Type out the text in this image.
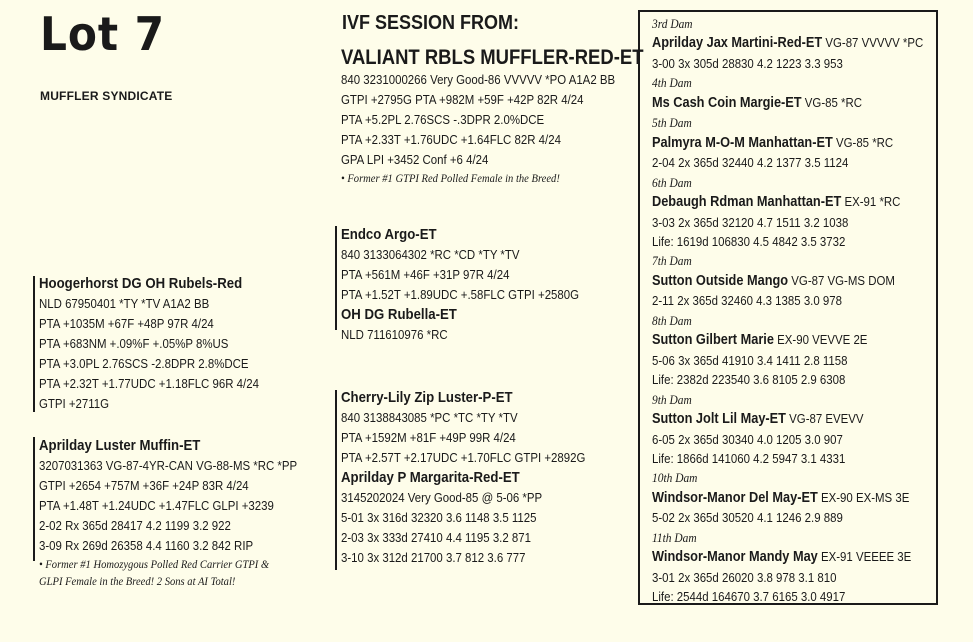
Lot 7
MUFFLER SYNDICATE
IVF SESSION FROM:
VALIANT RBLS MUFFLER-RED-ET
840 3231000266 Very Good-86 VVVVV *PO A1A2 BB
GTPI +2795G PTA +982M +59F +42P 82R 4/24
PTA +5.2PL 2.76SCS -.3DPR 2.0%DCE
PTA +2.33T +1.76UDC +1.64FLC 82R 4/24
GPA LPI +3452 Conf +6 4/24
• Former #1 GTPI Red Polled Female in the Breed!
Endco Argo-ET
840 3133064302 *RC *CD *TY *TV
PTA +561M +46F +31P 97R 4/24
PTA +1.52T +1.89UDC +.58FLC GTPI +2580G
OH DG Rubella-ET
NLD 711610976 *RC
Cherry-Lily Zip Luster-P-ET
840 3138843085 *PC *TC *TY *TV
PTA +1592M +81F +49P 99R 4/24
PTA +2.57T +2.17UDC +1.70FLC GTPI +2892G
Aprilday P Margarita-Red-ET
3145202024 Very Good-85 @ 5-06 *PP
5-01 3x 316d 32320 3.6 1148 3.5 1125
2-03 3x 333d 27410 4.4 1195 3.2 871
3-10 3x 312d 21700 3.7 812 3.6 777
Hoogerhorst DG OH Rubels-Red
NLD 67950401 *TY *TV A1A2 BB
PTA +1035M +67F +48P 97R 4/24
PTA +683NM +.09%F +.05%P 8%US
PTA +3.0PL 2.76SCS -2.8DPR 2.8%DCE
PTA +2.32T +1.77UDC +1.18FLC 96R 4/24
GTPI +2711G
Aprilday Luster Muffin-ET
3207031363 VG-87-4YR-CAN VG-88-MS *RC *PP
GTPI +2654 +757M +36F +24P 83R 4/24
PTA +1.48T +1.24UDC +1.47FLC GLPI +3239
2-02 Rx 365d 28417 4.2 1199 3.2 922
3-09 Rx 269d 26358 4.4 1160 3.2 842 RIP
• Former #1 Homozygous Polled Red Carrier GTPI &
GLPI Female in the Breed! 2 Sons at AI Total!
3rd Dam
Aprilday Jax Martini-Red-ET VG-87 VVVVV *PC
3-00 3x 305d 28830 4.2 1223 3.3 953
4th Dam
Ms Cash Coin Margie-ET VG-85 *RC
5th Dam
Palmyra M-O-M Manhattan-ET VG-85 *RC
2-04 2x 365d 32440 4.2 1377 3.5 1124
6th Dam
Debaugh Rdman Manhattan-ET EX-91 *RC
3-03 2x 365d 32120 4.7 1511 3.2 1038
Life: 1619d 106830 4.5 4842 3.5 3732
7th Dam
Sutton Outside Mango VG-87 VG-MS DOM
2-11 2x 365d 32460 4.3 1385 3.0 978
8th Dam
Sutton Gilbert Marie EX-90 VEVVE 2E
5-06 3x 365d 41910 3.4 1411 2.8 1158
Life: 2382d 223540 3.6 8105 2.9 6308
9th Dam
Sutton Jolt Lil May-ET VG-87 EVEVV
6-05 2x 365d 30340 4.0 1205 3.0 907
Life: 1866d 141060 4.2 5947 3.1 4331
10th Dam
Windsor-Manor Del May-ET EX-90 EX-MS 3E
5-02 2x 365d 30520 4.1 1246 2.9 889
11th Dam
Windsor-Manor Mandy May EX-91 VEEEE 3E
3-01 2x 365d 26020 3.8 978 3.1 810
Life: 2544d 164670 3.7 6165 3.0 4917
